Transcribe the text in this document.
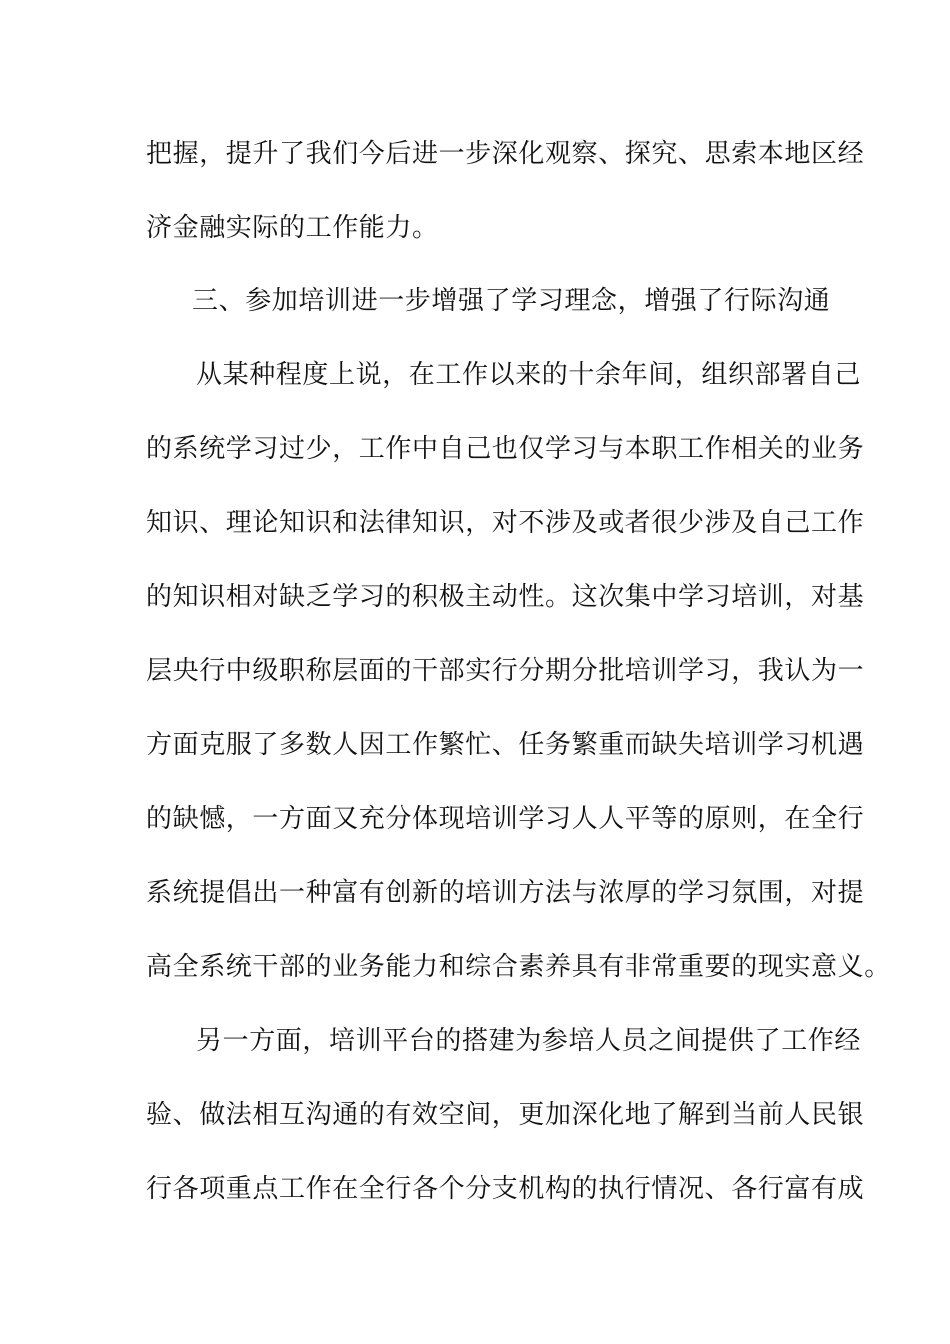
把握，提升了我们今后进一步深化观察、探究、思索本地区经
济金融实际的工作能力。
三、参加培训进一步增强了学习理念，增强了行际沟通
从某种程度上说，在工作以来的十余年间，组织部署自己
的系统学习过少，工作中自己也仅学习与本职工作相关的业务
知识、理论知识和法律知识，对不涉及或者很少涉及自己工作
的知识相对缺乏学习的积极主动性。这次集中学习培训，对基
层央行中级职称层面的干部实行分期分批培训学习，我认为一
方面克服了多数人因工作繁忙、任务繁重而缺失培训学习机遇
的缺憾，一方面又充分体现培训学习人人平等的原则，在全行
系统提倡出一种富有创新的培训方法与浓厚的学习氛围，对提
高全系统干部的业务能力和综合素养具有非常重要的现实意义。
另一方面，培训平台的搭建为参培人员之间提供了工作经
验、做法相互沟通的有效空间，更加深化地了解到当前人民银
行各项重点工作在全行各个分支机构的执行情况、各行富有成
